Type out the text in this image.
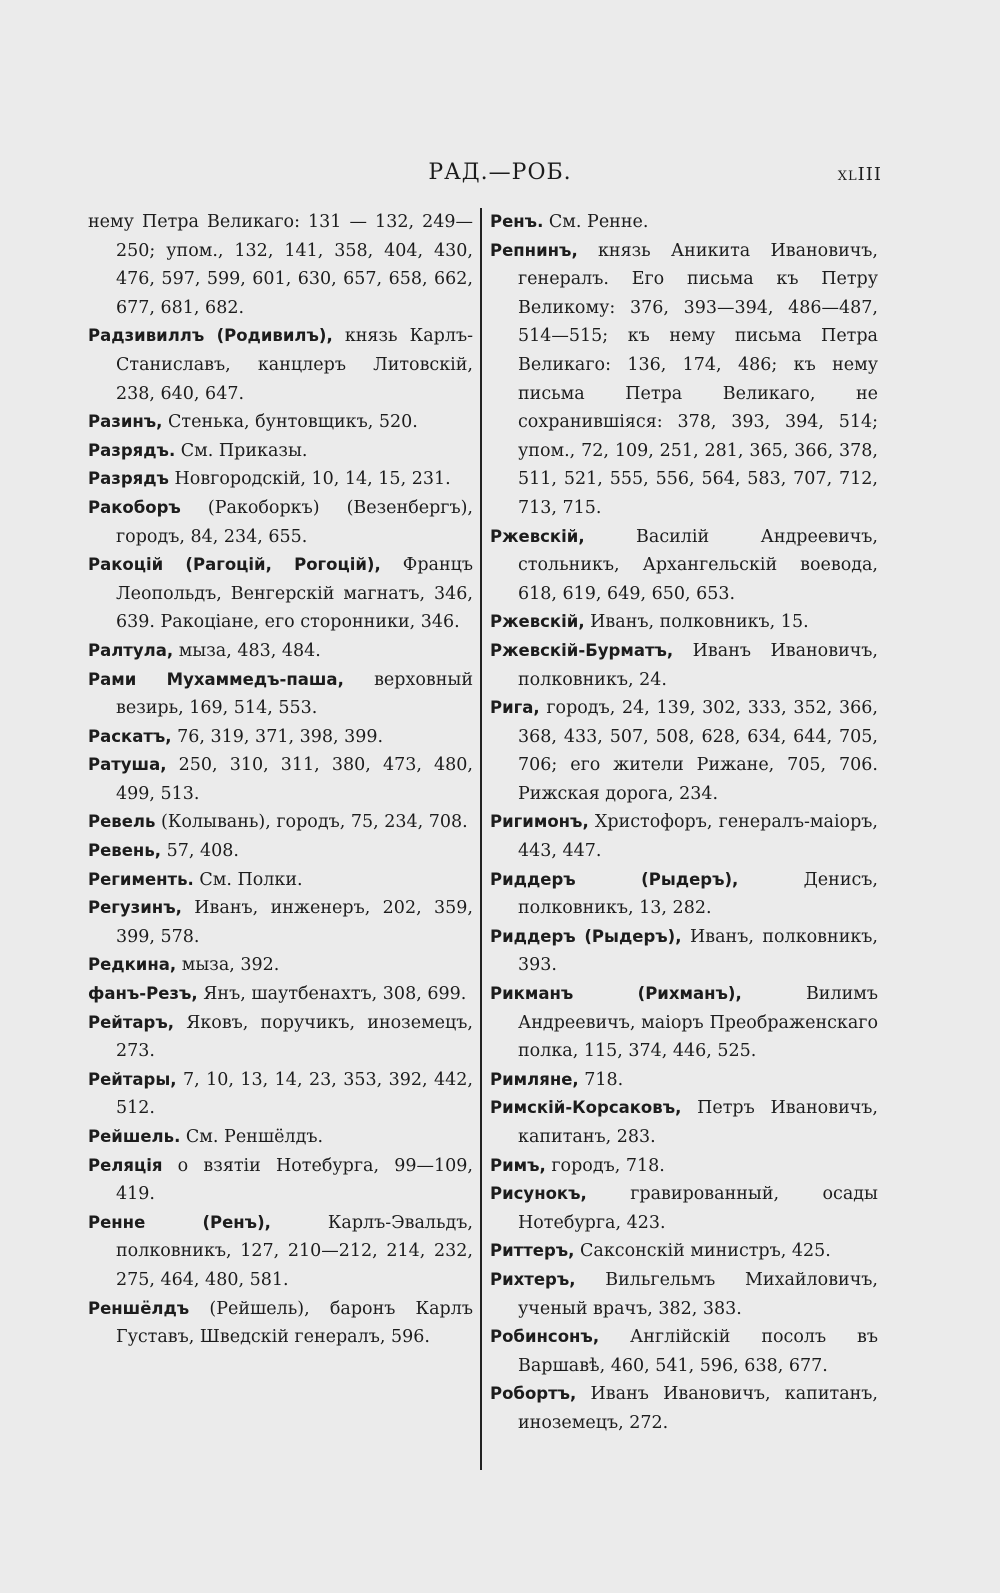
РАД.—РОБ.	xlIII

нему Петра Великаго: 131 — 132, 249—250; упом., 132, 141, 358, 404, 430, 476, 597, 599, 601, 630, 657, 658, 662, 677, 681, 682.

Радзивиллъ (Родивилъ), князь Карлъ-Станиславъ, канцлеръ Литовскій, 238, 640, 647.

Разинъ, Стенька, бунтовщикъ, 520.

Разрядъ. См. Приказы.

Разрядъ Новгородскій, 10, 14, 15, 231.

Ракоборъ (Ракоборкъ) (Везенбергъ), городъ, 84, 234, 655.

Ракоцій (Рагоцій, Рогоцій), Францъ Леопольдъ, Венгерскій магнатъ, 346, 639. Ракоціане, его сторонники, 346.

Ралтула, мыза, 483, 484.

Рами Мухаммедъ-паша, верховный везирь, 169, 514, 553.

Раскатъ, 76, 319, 371, 398, 399.

Ратуша, 250, 310, 311, 380, 473, 480, 499, 513.

Ревель (Колывань), городъ, 75, 234, 708.

Ревень, 57, 408.

Регименть. См. Полки.

Регузинъ, Иванъ, инженеръ, 202, 359, 399, 578.

Редкина, мыза, 392.

фанъ-Резъ, Янъ, шаутбенахтъ, 308, 699.

Рейтаръ, Яковъ, поручикъ, иноземецъ, 273.

Рейтары, 7, 10, 13, 14, 23, 353, 392, 442, 512.

Рейшель. См. Реншёлдъ.

Реляція о взятіи Нотебурга, 99—109, 419.

Ренне (Ренъ), Карлъ-Эвальдъ, полковникъ, 127, 210—212, 214, 232, 275, 464, 480, 581.

Реншёлдъ (Рейшель), баронъ Карлъ Густавъ, Шведскій генералъ, 596.

Ренъ. См. Ренне.

Репнинъ, князь Аникита Ивановичъ, генералъ. Его письма къ Петру Великому: 376, 393—394, 486—487, 514—515; къ нему письма Петра Великаго: 136, 174, 486; къ нему письма Петра Великаго, не сохранившіяся: 378, 393, 394, 514; упом., 72, 109, 251, 281, 365, 366, 378, 511, 521, 555, 556, 564, 583, 707, 712, 713, 715.

Ржевскій, Василій Андреевичъ, стольникъ, Архангельскій воевода, 618, 619, 649, 650, 653.

Ржевскій, Иванъ, полковникъ, 15.

Ржевскій-Бурматъ, Иванъ Ивановичъ, полковникъ, 24.

Рига, городъ, 24, 139, 302, 333, 352, 366, 368, 433, 507, 508, 628, 634, 644, 705, 706; его жители Рижане, 705, 706. Рижская дорога, 234.

Ригимонъ, Христофоръ, генералъ-маіоръ, 443, 447.

Риддеръ (Рыдеръ), Денисъ, полковникъ, 13, 282.

Риддеръ (Рыдеръ), Иванъ, полковникъ, 393.

Рикманъ (Рихманъ), Вилимъ Андреевичъ, маіоръ Преображенскаго полка, 115, 374, 446, 525.

Римляне, 718.

Римскій-Корсаковъ, Петръ Ивановичъ, капитанъ, 283.

Римъ, городъ, 718.

Рисунокъ, гравированный, осады Нотебурга, 423.

Риттеръ, Саксонскій министръ, 425.

Рихтеръ, Вильгельмъ Михайловичъ, ученый врачъ, 382, 383.

Робинсонъ, Англійскій посолъ въ Варшавѣ, 460, 541, 596, 638, 677.

Робортъ, Иванъ Ивановичъ, капитанъ, иноземецъ, 272.
